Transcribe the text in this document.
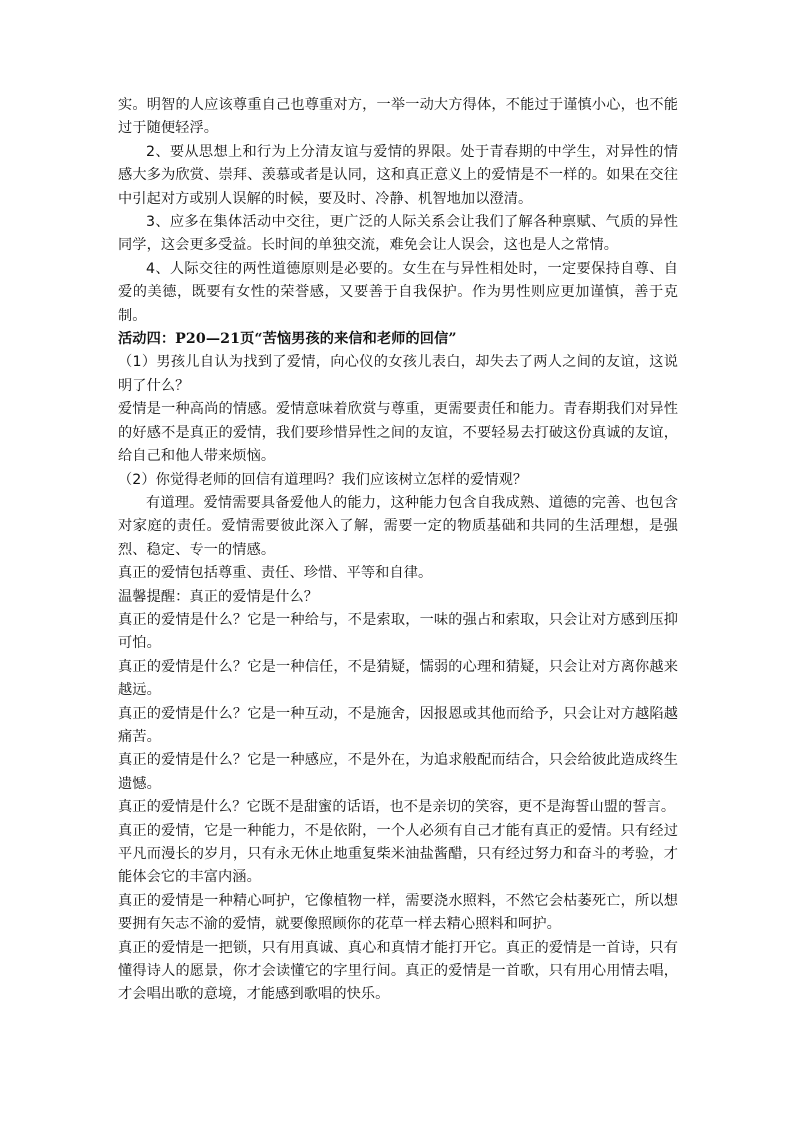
实。明智的人应该尊重自己也尊重对方，一举一动大方得体，不能过于谨慎小心，也不能过于随便轻浮。

2、要从思想上和行为上分清友谊与爱情的界限。处于青春期的中学生，对异性的情感大多为欣赏、崇拜、羡慕或者是认同，这和真正意义上的爱情是不一样的。如果在交往中引起对方或别人误解的时候，要及时、冷静、机智地加以澄清。

3、应多在集体活动中交往，更广泛的人际关系会让我们了解各种禀赋、气质的异性同学，这会更多受益。长时间的单独交流，难免会让人误会，这也是人之常情。

4、人际交往的两性道德原则是必要的。女生在与异性相处时，一定要保持自尊、自爱的美德，既要有女性的荣誉感，又要善于自我保护。作为男性则应更加谨慎，善于克制。

活动四：P20—21页“苦恼男孩的来信和老师的回信”

（1）男孩儿自认为找到了爱情，向心仪的女孩儿表白，却失去了两人之间的友谊，这说明了什么？

爱情是一种高尚的情感。爱情意味着欣赏与尊重，更需要责任和能力。青春期我们对异性的好感不是真正的爱情，我们要珍惜异性之间的友谊，不要轻易去打破这份真诚的友谊，给自己和他人带来烦恼。

（2）你觉得老师的回信有道理吗？我们应该树立怎样的爱情观？

有道理。爱情需要具备爱他人的能力，这种能力包含自我成熟、道德的完善、也包含对家庭的责任。爱情需要彼此深入了解，需要一定的物质基础和共同的生活理想，是强烈、稳定、专一的情感。

真正的爱情包括尊重、责任、珍惜、平等和自律。

温馨提醒：真正的爱情是什么？

真正的爱情是什么？它是一种给与，不是索取，一味的强占和索取，只会让对方感到压抑可怕。

真正的爱情是什么？它是一种信任，不是猜疑，懦弱的心理和猜疑，只会让对方离你越来越远。

真正的爱情是什么？它是一种互动，不是施舍，因报恩或其他而给予，只会让对方越陷越痛苦。

真正的爱情是什么？它是一种感应，不是外在，为追求般配而结合，只会给彼此造成终生遗憾。

真正的爱情是什么？它既不是甜蜜的话语，也不是亲切的笑容，更不是海誓山盟的誓言。

真正的爱情，它是一种能力，不是依附，一个人必须有自己才能有真正的爱情。只有经过平凡而漫长的岁月，只有永无休止地重复柴米油盐酱醋，只有经过努力和奋斗的考验，才能体会它的丰富内涵。

真正的爱情是一种精心呵护，它像植物一样，需要浇水照料，不然它会枯萎死亡，所以想要拥有矢志不渝的爱情，就要像照顾你的花草一样去精心照料和呵护。

真正的爱情是一把锁，只有用真诚、真心和真情才能打开它。真正的爱情是一首诗，只有懂得诗人的愿景，你才会读懂它的字里行间。真正的爱情是一首歌，只有用心用情去唱，才会唱出歌的意境，才能感到歌唱的快乐。
